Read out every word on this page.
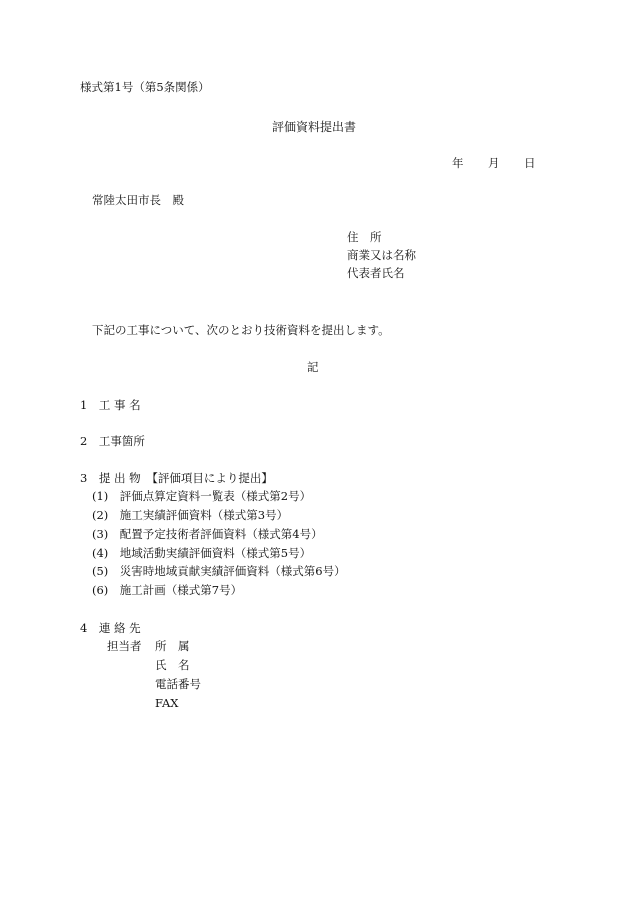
様式第1号（第5条関係）

評価資料提出書

年 月 日

常陸太田市長　殿

住　所

商業又は名称

代表者氏名

下記の工事について、次のとおり技術資料を提出します。

記

1　工 事 名

2　工事箇所

3　提 出 物　【評価項目により提出】

(1)　評価点算定資料一覧表（様式第2号）

(2)　施工実績評価資料（様式第3号）

(3)　配置予定技術者評価資料（様式第4号）

(4)　地域活動実績評価資料（様式第5号）

(5)　災害時地域貢献実績評価資料（様式第6号）

(6)　施工計画（様式第7号）

4　連 絡 先

担当者 所　属

氏　名

電話番号

FAX
